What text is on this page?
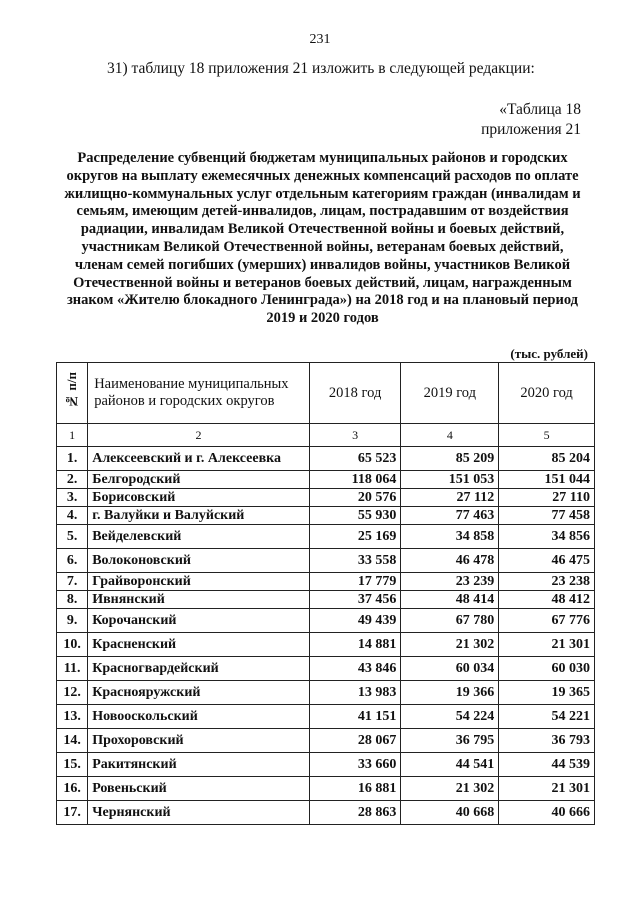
231
31) таблицу 18 приложения 21 изложить в следующей редакции:
«Таблица 18
приложения 21
Распределение субвенций бюджетам муниципальных районов и городских округов на выплату ежемесячных денежных компенсаций расходов по оплате жилищно-коммунальных услуг отдельным категориям граждан (инвалидам и семьям, имеющим детей-инвалидов, лицам, пострадавшим от воздействия радиации, инвалидам Великой Отечественной войны и боевых действий, участникам Великой Отечественной войны, ветеранам боевых действий, членам семей погибших (умерших) инвалидов войны, участников Великой Отечественной войны и ветеранов боевых действий, лицам, награжденным знаком «Жителю блокадного Ленинграда») на 2018 год и на плановый период 2019 и 2020 годов
(тыс. рублей)
№ п/п	Наименование муниципальных районов и городских округов	2018 год	2019 год	2020 год
1	2	3	4	5
1.	Алексеевский и г. Алексеевка	65 523	85 209	85 204
2.	Белгородский	118 064	151 053	151 044
3.	Борисовский	20 576	27 112	27 110
4.	г. Валуйки и Валуйский	55 930	77 463	77 458
5.	Вейделевский	25 169	34 858	34 856
6.	Волоконовский	33 558	46 478	46 475
7.	Грайворонский	17 779	23 239	23 238
8.	Ивнянский	37 456	48 414	48 412
9.	Корочанский	49 439	67 780	67 776
10.	Красненский	14 881	21 302	21 301
11.	Красногвардейский	43 846	60 034	60 030
12.	Краснояружский	13 983	19 366	19 365
13.	Новооскольский	41 151	54 224	54 221
14.	Прохоровский	28 067	36 795	36 793
15.	Ракитянский	33 660	44 541	44 539
16.	Ровеньский	16 881	21 302	21 301
17.	Чернянский	28 863	40 668	40 666
